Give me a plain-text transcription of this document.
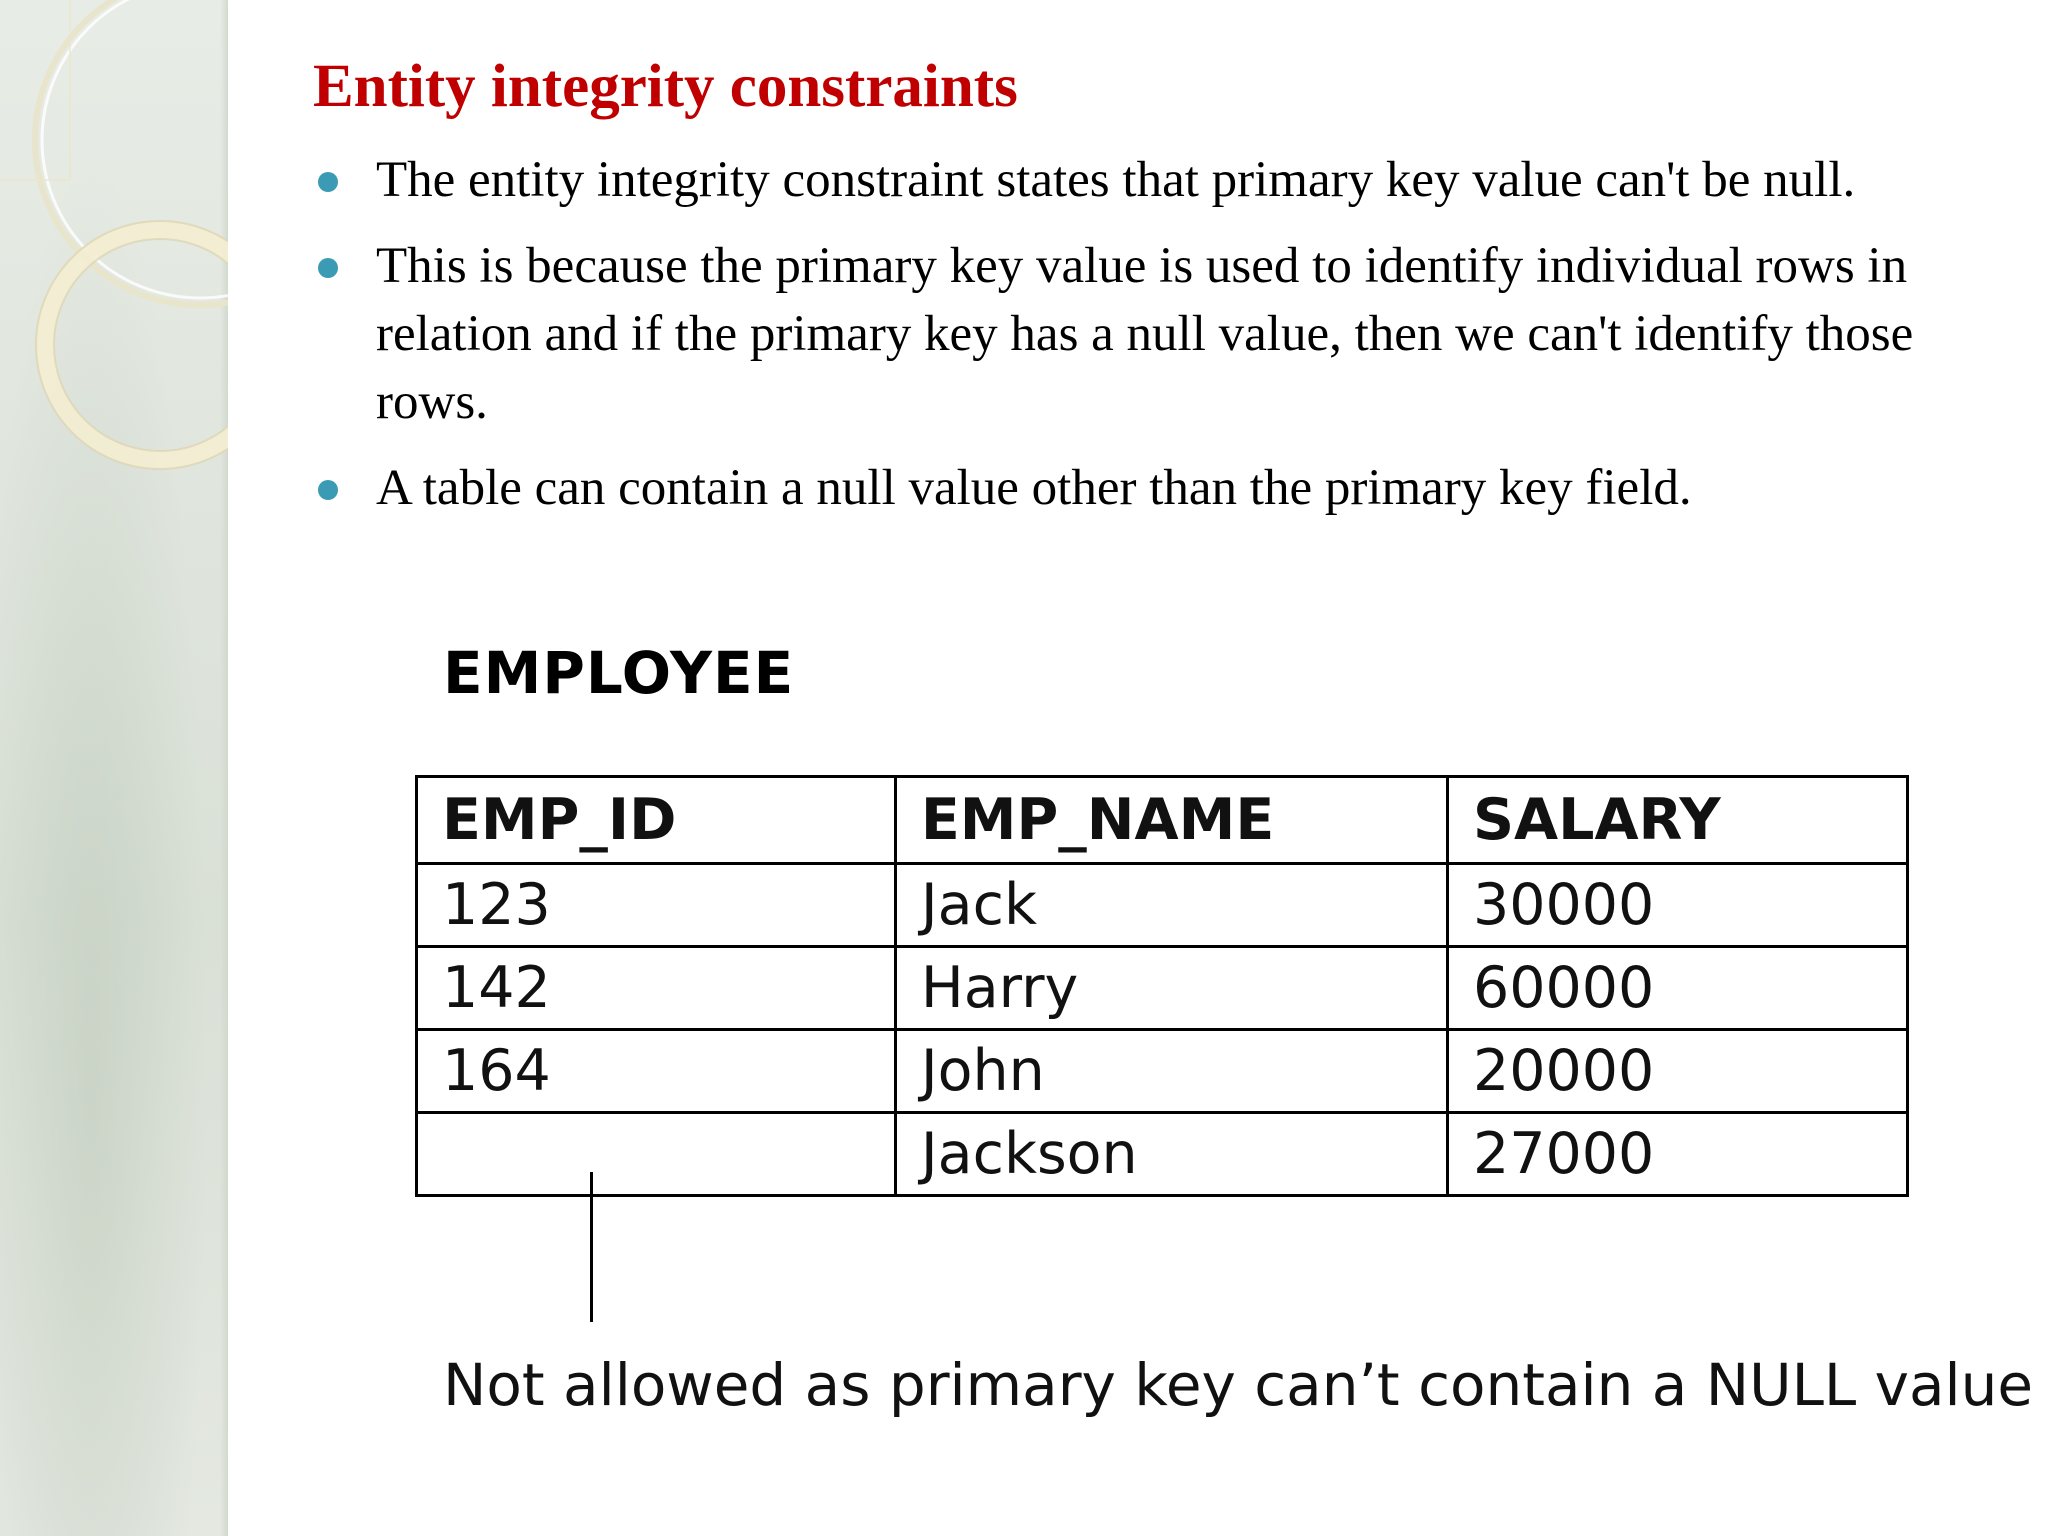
Entity integrity constraints
The entity integrity constraint states that primary key value can't be null.
This is because the primary key value is used to identify individual rows in relation and if the primary key has a null value, then we can't identify those rows.
A table can contain a null value other than the primary key field.
EMPLOYEE
EMP_ID	EMP_NAME	SALARY
123	Jack	30000
142	Harry	60000
164	John	20000
	Jackson	27000
Not allowed as primary key can’t contain a NULL value
